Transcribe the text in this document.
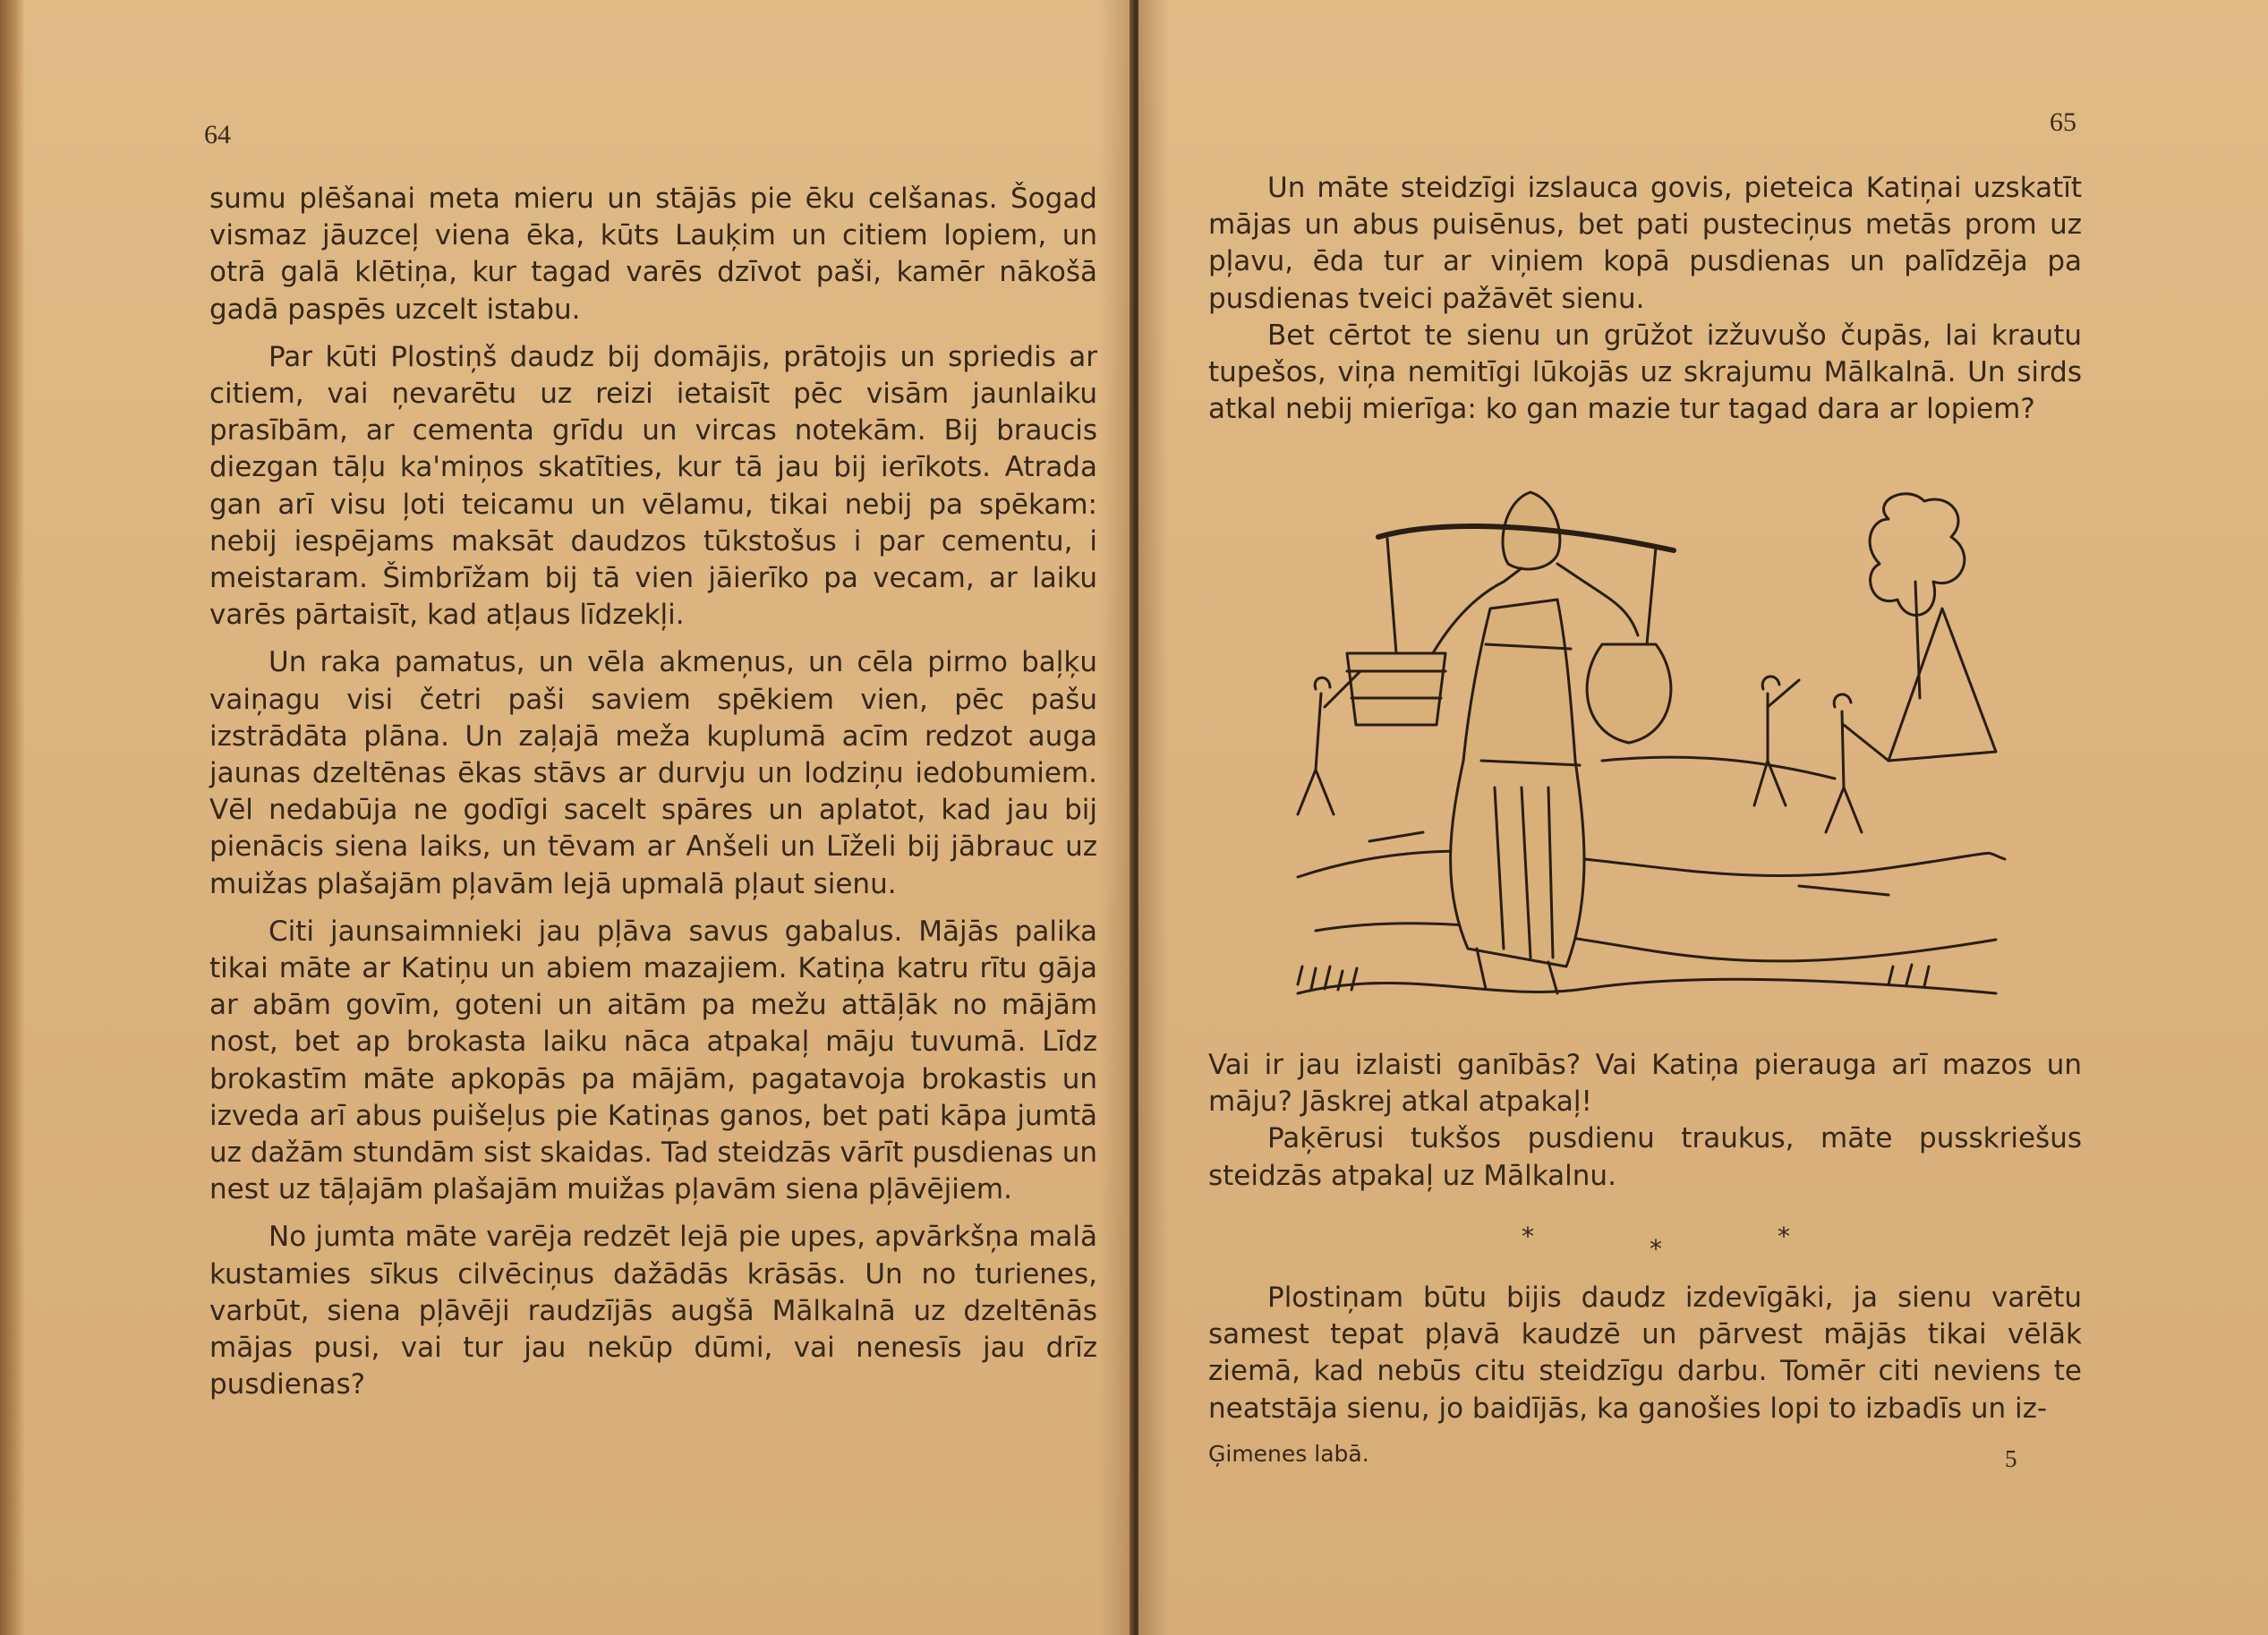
64

sumu plēšanai meta mieru un stājās pie ēku celšanas. Šogad vismaz jāuzceļ viena ēka, kūts Lauķim un citiem lopiem, un otrā galā klētiņa, kur tagad varēs dzīvot paši, kamēr nākošā gadā paspēs uzcelt istabu.

Par kūti Plostiņš daudz bij domājis, prātojis un spriedis ar citiem, vai ņevarētu uz reizi ietaisīt pēc visām jaunlaiku prasībām, ar cementa grīdu un vircas notekām. Bij braucis diezgan tāļu ka'miņos skatīties, kur tā jau bij ierīkots. Atrada gan arī visu ļoti teicamu un vēlamu, tikai nebij pa spēkam: nebij iespējams maksāt daudzos tūkstošus i par cementu, i meistaram. Šimbrīžam bij tā vien jāierīko pa vecam, ar laiku varēs pārtaisīt, kad atļaus līdzekļi.

Un raka pamatus, un vēla akmeņus, un cēla pirmo baļķu vaiņagu visi četri paši saviem spēkiem vien, pēc pašu izstrādāta plāna. Un zaļajā meža kuplumā acīm redzot auga jaunas dzeltēnas ēkas stāvs ar durvju un lodziņu iedobumiem. Vēl nedabūja ne godīgi sacelt spāres un aplatot, kad jau bij pienācis siena laiks, un tēvam ar Anšeli un Līželi bij jābrauc uz muižas plašajām pļavām lejā upmalā pļaut sienu.

Citi jaunsaimnieki jau pļāva savus gabalus. Mājās palika tikai māte ar Katiņu un abiem mazajiem. Katiņa katru rītu gāja ar abām govīm, goteni un aitām pa mežu attāļāk no mājām nost, bet ap brokasta laiku nāca atpakaļ māju tuvumā. Līdz brokastīm māte apkopās pa mājām, pagatavoja brokastis un izveda arī abus puišeļus pie Katiņas ganos, bet pati kāpa jumtā uz dažām stundām sist skaidas. Tad steidzās vārīt pusdienas un nest uz tāļajām plašajām muižas pļavām siena pļāvējiem.

No jumta māte varēja redzēt lejā pie upes, apvārkšņa malā kustamies sīkus cilvēciņus dažādās krāsās. Un no turienes, varbūt, siena pļāvēji raudzījās augšā Mālkalnā uz dzeltēnās mājas pusi, vai tur jau nekūp dūmi, vai nenesīs jau drīz pusdienas?

65

Un māte steidzīgi izslauca govis, pieteica Katiņai uzskatīt mājas un abus puisēnus, bet pati pusteciņus metās prom uz pļavu, ēda tur ar viņiem kopā pusdienas un palīdzēja pa pusdienas tveici pažāvēt sienu.

Bet cērtot te sienu un grūžot izžuvušo čupās, lai krautu tupešos, viņa nemitīgi lūkojās uz skrajumu Mālkalnā. Un sirds atkal nebij mierīga: ko gan mazie tur tagad dara ar lopiem?

Vai ir jau izlaisti ganībās? Vai Katiņa pierauga arī mazos un māju? Jāskrej atkal atpakaļ!

Paķērusi tukšos pusdienu traukus, māte pusskriešus steidzās atpakaļ uz Mālkalnu.

*	*	*

Plostiņam būtu bijis daudz izdevīgāki, ja sienu varētu samest tepat pļavā kaudzē un pārvest mājās tikai vēlāk ziemā, kad nebūs citu steidzīgu darbu. Tomēr citi neviens te neatstāja sienu, jo baidījās, ka ganošies lopi to izbadīs un iz-

Ģimenes labā.	5
